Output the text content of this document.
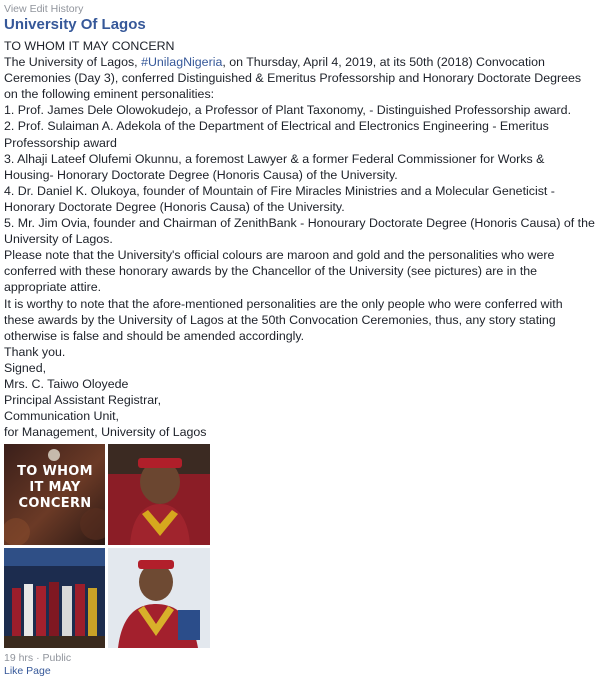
View Edit History
University Of Lagos
TO WHOM IT MAY CONCERN
The University of Lagos, #UnilagNigeria, on Thursday, April 4, 2019, at its 50th (2018) Convocation Ceremonies (Day 3), conferred Distinguished & Emeritus Professorship and Honorary Doctorate Degrees on the following eminent personalities:
1. Prof. James Dele Olowokudejo, a Professor of Plant Taxonomy, - Distinguished Professorship award.
2. Prof. Sulaiman A. Adekola of the Department of Electrical and Electronics Engineering - Emeritus Professorship award
3. Alhaji Lateef Olufemi Okunnu, a foremost Lawyer & a former Federal Commissioner for Works & Housing- Honorary Doctorate Degree (Honoris Causa) of the University.
4. Dr. Daniel K. Olukoya, founder of Mountain of Fire Miracles Ministries and a Molecular Geneticist - Honorary Doctorate Degree (Honoris Causa) of the University.
5. Mr. Jim Ovia, founder and Chairman of ZenithBank - Honourary Doctorate Degree (Honoris Causa) of the University of Lagos.
Please note that the University's official colours are maroon and gold and the personalities who were conferred with these honorary awards by the Chancellor of the University (see pictures) are in the appropriate attire.
It is worthy to note that the afore-mentioned personalities are the only people who were conferred with these awards by the University of Lagos at the 50th Convocation Ceremonies, thus, any story stating otherwise is false and should be amended accordingly.
Thank you.
Signed,
Mrs. C. Taiwo Oloyede
Principal Assistant Registrar,
Communication Unit,
for Management, University of Lagos
TO WHOM
IT MAY
CONCERN
19 hrs · Public
Like Page
